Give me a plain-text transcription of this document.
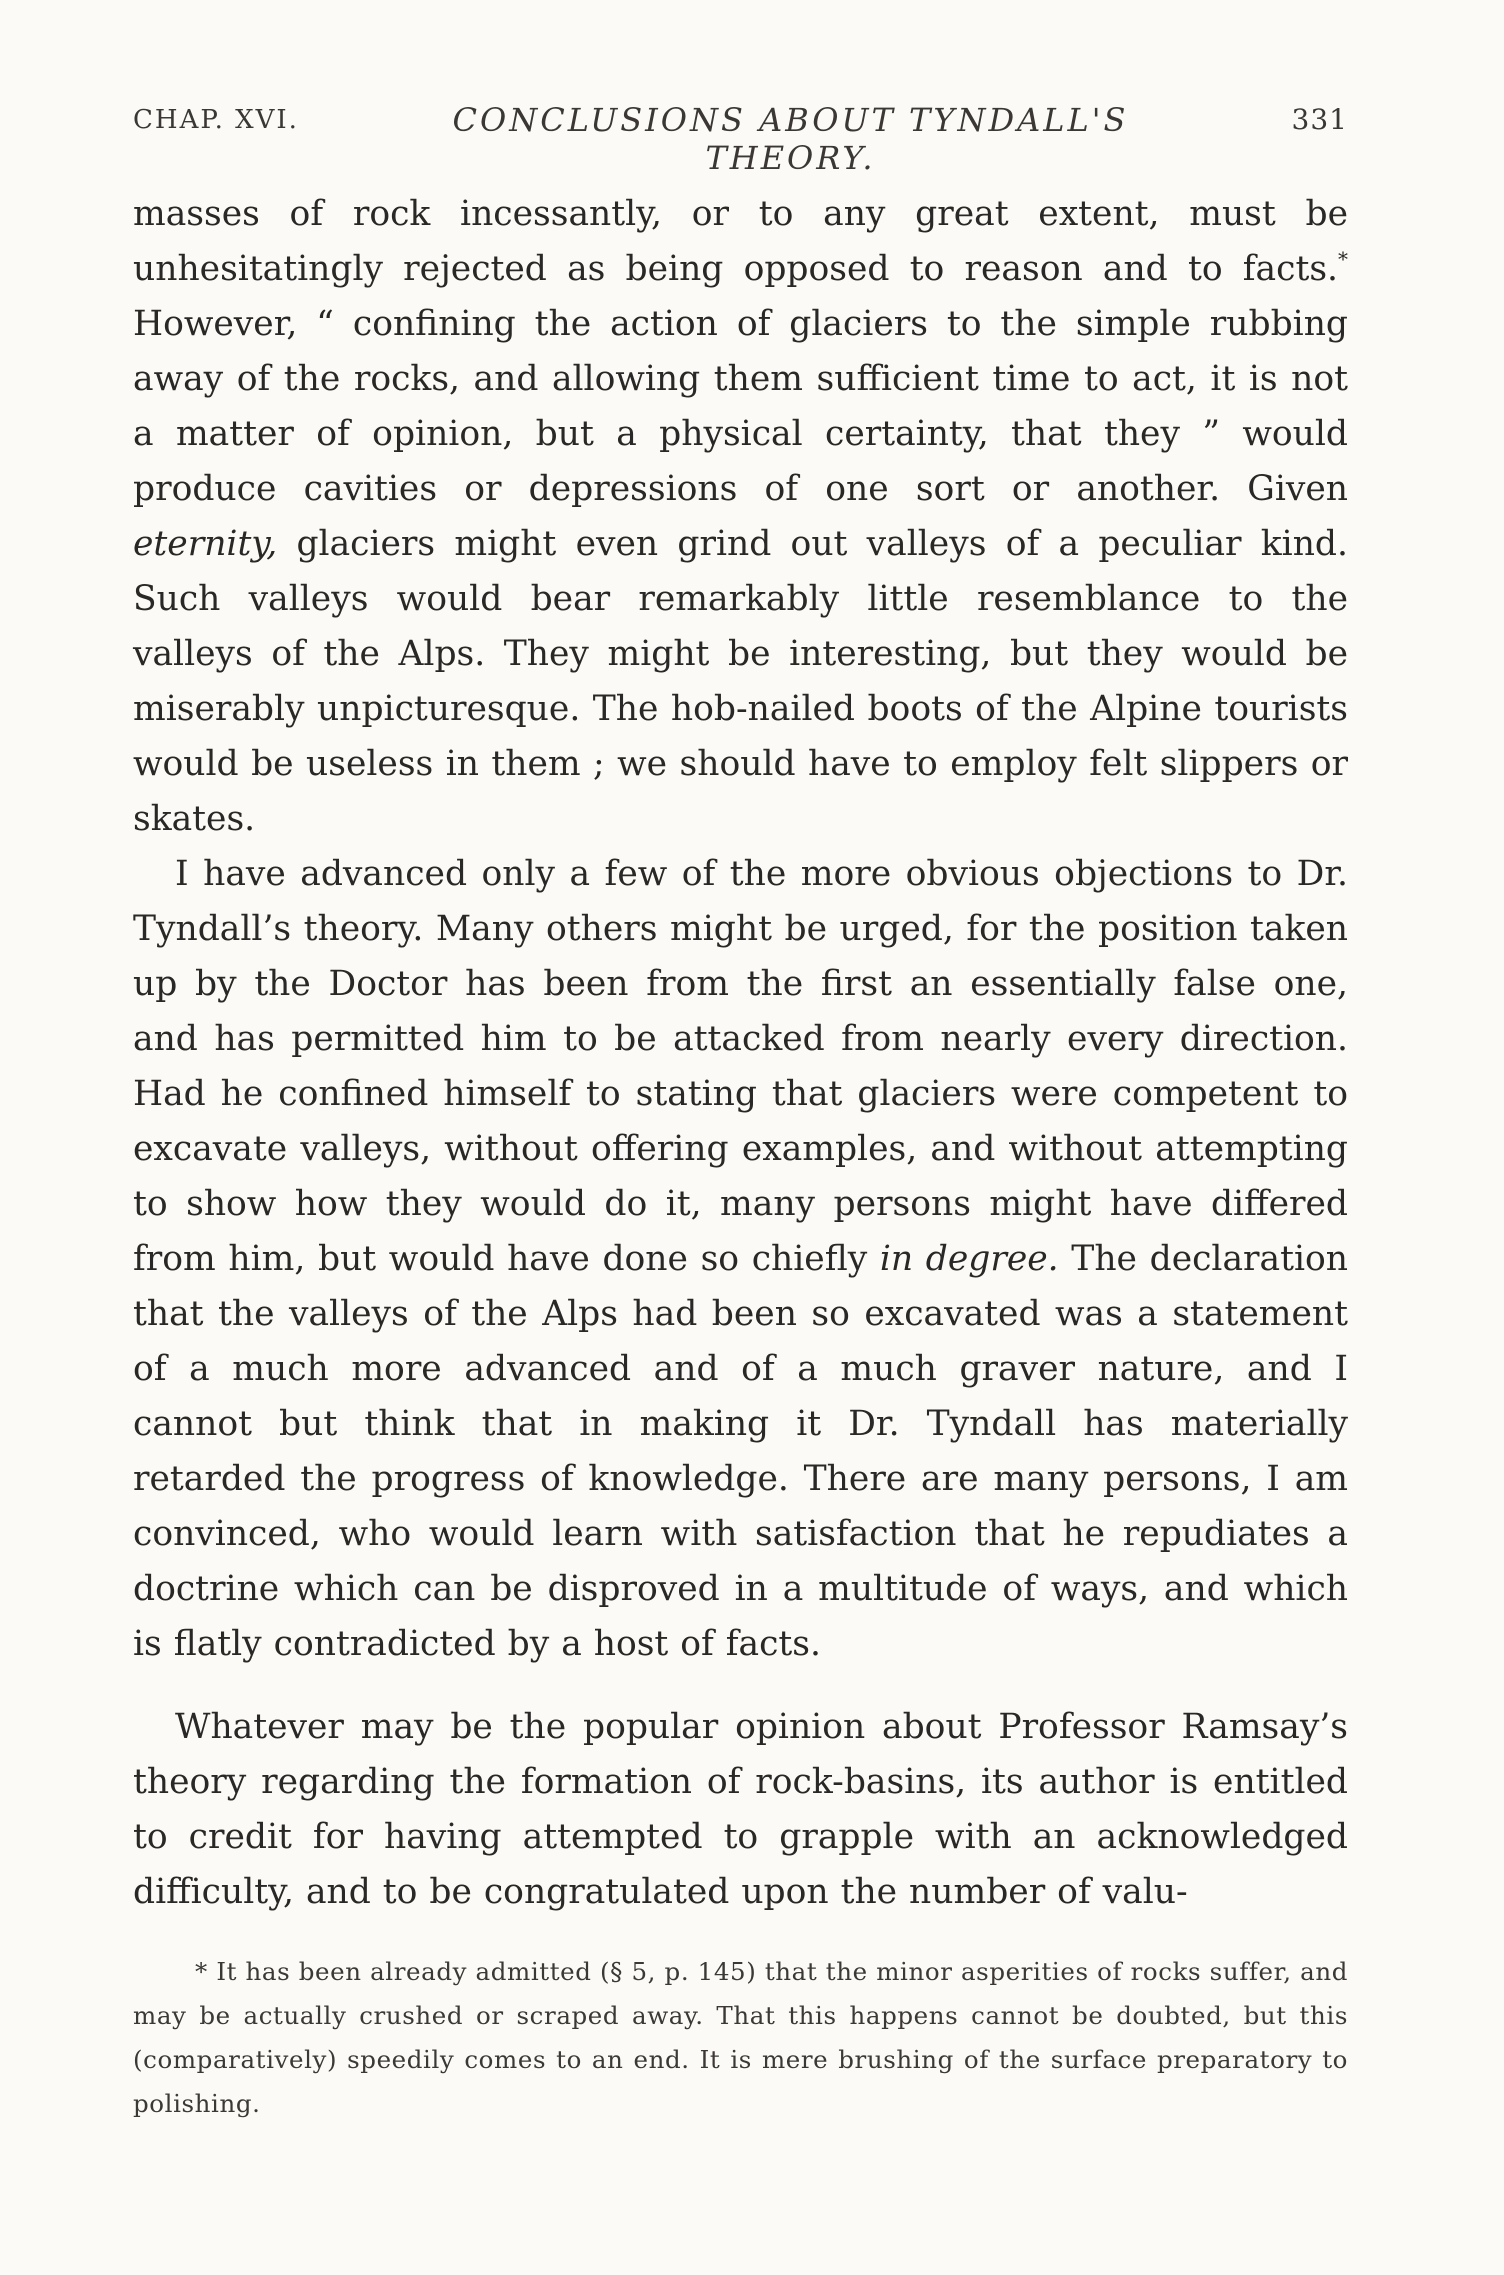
CHAP. XVI.	CONCLUSIONS ABOUT TYNDALL'S THEORY.
331

masses of rock incessantly, or to any great extent, must be unhesitatingly rejected as being opposed to reason and to facts.* However, “ confining the action of glaciers to the simple rubbing away of the rocks, and allowing them sufficient time to act, it is not a matter of opinion, but a physical certainty, that they ” would produce cavities or depressions of one sort or another. Given eternity, glaciers might even grind out valleys of a peculiar kind. Such valleys would bear remarkably little resemblance to the valleys of the Alps. They might be interesting, but they would be miserably unpicturesque. The hob-nailed boots of the Alpine tourists would be useless in them ; we should have to employ felt slippers or skates.

I have advanced only a few of the more obvious objections to Dr. Tyndall’s theory. Many others might be urged, for the position taken up by the Doctor has been from the first an essentially false one, and has permitted him to be attacked from nearly every direction. Had he confined himself to stating that glaciers were competent to excavate valleys, without offering examples, and without attempting to show how they would do it, many persons might have differed from him, but would have done so chiefly in degree. The declaration that the valleys of the Alps had been so excavated was a statement of a much more advanced and of a much graver nature, and I cannot but think that in making it Dr. Tyndall has materially retarded the progress of knowledge. There are many persons, I am convinced, who would learn with satisfaction that he repudiates a doctrine which can be disproved in a multitude of ways, and which is flatly contradicted by a host of facts.

Whatever may be the popular opinion about Professor Ramsay’s theory regarding the formation of rock-basins, its author is entitled to credit for having attempted to grapple with an acknowledged difficulty, and to be congratulated upon the number of valu-

* It has been already admitted (§ 5, p. 145) that the minor asperities of rocks suffer, and may be actually crushed or scraped away. That this happens cannot be doubted, but this (comparatively) speedily comes to an end. It is mere brushing of the surface preparatory to polishing.
